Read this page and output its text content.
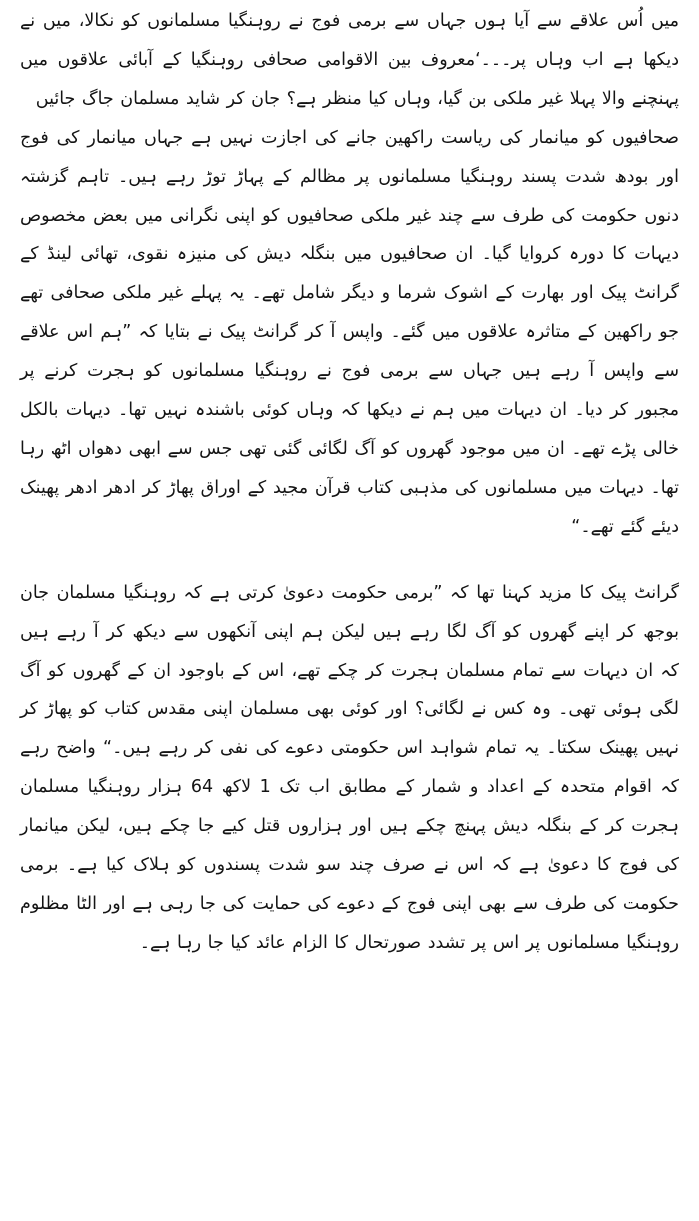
میں اُس علاقے سے آیا ہوں جہاں سے برمی فوج نے روہنگیا مسلمانوں کو نکالا، میں نے دیکھا ہے اب وہاں پر۔۔۔‘معروف بین الاقوامی صحافی روہنگیا کے آبائی علاقوں میں پہنچنے والا پہلا غیر ملکی بن گیا، وہاں کیا منظر ہے؟ جان کر شاید مسلمان جاگ جائیں

صحافیوں کو میانمار کی ریاست راکھین جانے کی اجازت نہیں ہے جہاں میانمار کی فوج اور بودھ شدت پسند روہنگیا مسلمانوں پر مظالم کے پہاڑ توڑ رہے ہیں۔ تاہم گزشتہ دنوں حکومت کی طرف سے چند غیر ملکی صحافیوں کو اپنی نگرانی میں بعض مخصوص دیہات کا دورہ کروایا گیا۔ ان صحافیوں میں بنگلہ دیش کی منیزہ نقوی، تھائی لینڈ کے گرانٹ پیک اور بھارت کے اشوک شرما و دیگر شامل تھے۔ یہ پہلے غیر ملکی صحافی تھے جو راکھین کے متاثرہ علاقوں میں گئے۔ واپس آ کر گرانٹ پیک نے بتایا کہ ”ہم اس علاقے سے واپس آ رہے ہیں جہاں سے برمی فوج نے روہنگیا مسلمانوں کو ہجرت کرنے پر مجبور کر دیا۔ ان دیہات میں ہم نے دیکھا کہ وہاں کوئی باشندہ نہیں تھا۔ دیہات بالکل خالی پڑے تھے۔ ان میں موجود گھروں کو آگ لگائی گئی تھی جس سے ابھی دھواں اٹھ رہا تھا۔ دیہات میں مسلمانوں کی مذہبی کتاب قرآن مجید کے اوراق پھاڑ کر ادھر ادھر پھینک دیئے گئے تھے۔“

گرانٹ پیک کا مزید کہنا تھا کہ ”برمی حکومت دعویٰ کرتی ہے کہ روہنگیا مسلمان جان بوجھ کر اپنے گھروں کو آگ لگا رہے ہیں لیکن ہم اپنی آنکھوں سے دیکھ کر آ رہے ہیں کہ ان دیہات سے تمام مسلمان ہجرت کر چکے تھے، اس کے باوجود ان کے گھروں کو آگ لگی ہوئی تھی۔ وہ کس نے لگائی؟ اور کوئی بھی مسلمان اپنی مقدس کتاب کو پھاڑ کر نہیں پھینک سکتا۔ یہ تمام شواہد اس حکومتی دعوے کی نفی کر رہے ہیں۔“ واضح رہے کہ اقوام متحدہ کے اعداد و شمار کے مطابق اب تک 1 لاکھ 64 ہزار روہنگیا مسلمان ہجرت کر کے بنگلہ دیش پہنچ چکے ہیں اور ہزاروں قتل کیے جا چکے ہیں، لیکن میانمار کی فوج کا دعویٰ ہے کہ اس نے صرف چند سو شدت پسندوں کو ہلاک کیا ہے۔ برمی حکومت کی طرف سے بھی اپنی فوج کے دعوے کی حمایت کی جا رہی ہے اور الٹا مظلوم روہنگیا مسلمانوں پر اس پر تشدد صورتحال کا الزام عائد کیا جا رہا ہے۔
